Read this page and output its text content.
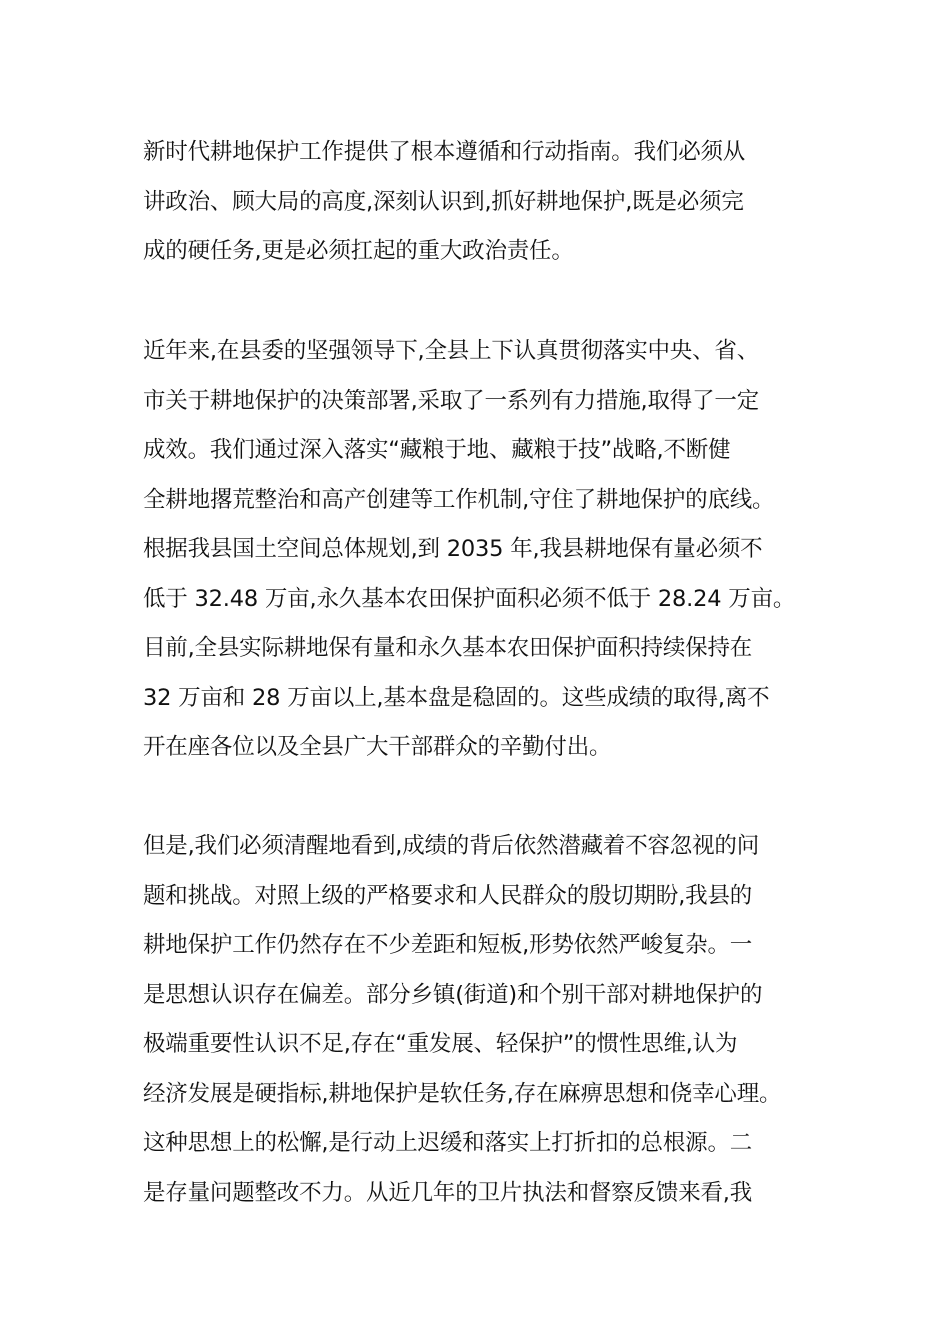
新时代耕地保护工作提供了根本遵循和行动指南。我们必须从
讲政治、顾大局的高度,深刻认识到,抓好耕地保护,既是必须完
成的硬任务,更是必须扛起的重大政治责任。
近年来,在县委的坚强领导下,全县上下认真贯彻落实中央、省、
市关于耕地保护的决策部署,采取了一系列有力措施,取得了一定
成效。我们通过深入落实“藏粮于地、藏粮于技”战略,不断健
全耕地撂荒整治和高产创建等工作机制,守住了耕地保护的底线。
根据我县国土空间总体规划,到 2035 年,我县耕地保有量必须不
低于 32.48 万亩,永久基本农田保护面积必须不低于 28.24 万亩。
目前,全县实际耕地保有量和永久基本农田保护面积持续保持在
32 万亩和 28 万亩以上,基本盘是稳固的。这些成绩的取得,离不
开在座各位以及全县广大干部群众的辛勤付出。
但是,我们必须清醒地看到,成绩的背后依然潜藏着不容忽视的问
题和挑战。对照上级的严格要求和人民群众的殷切期盼,我县的
耕地保护工作仍然存在不少差距和短板,形势依然严峻复杂。一
是思想认识存在偏差。部分乡镇(街道)和个别干部对耕地保护的
极端重要性认识不足,存在“重发展、轻保护”的惯性思维,认为
经济发展是硬指标,耕地保护是软任务,存在麻痹思想和侥幸心理。
这种思想上的松懈,是行动上迟缓和落实上打折扣的总根源。二
是存量问题整改不力。从近几年的卫片执法和督察反馈来看,我
